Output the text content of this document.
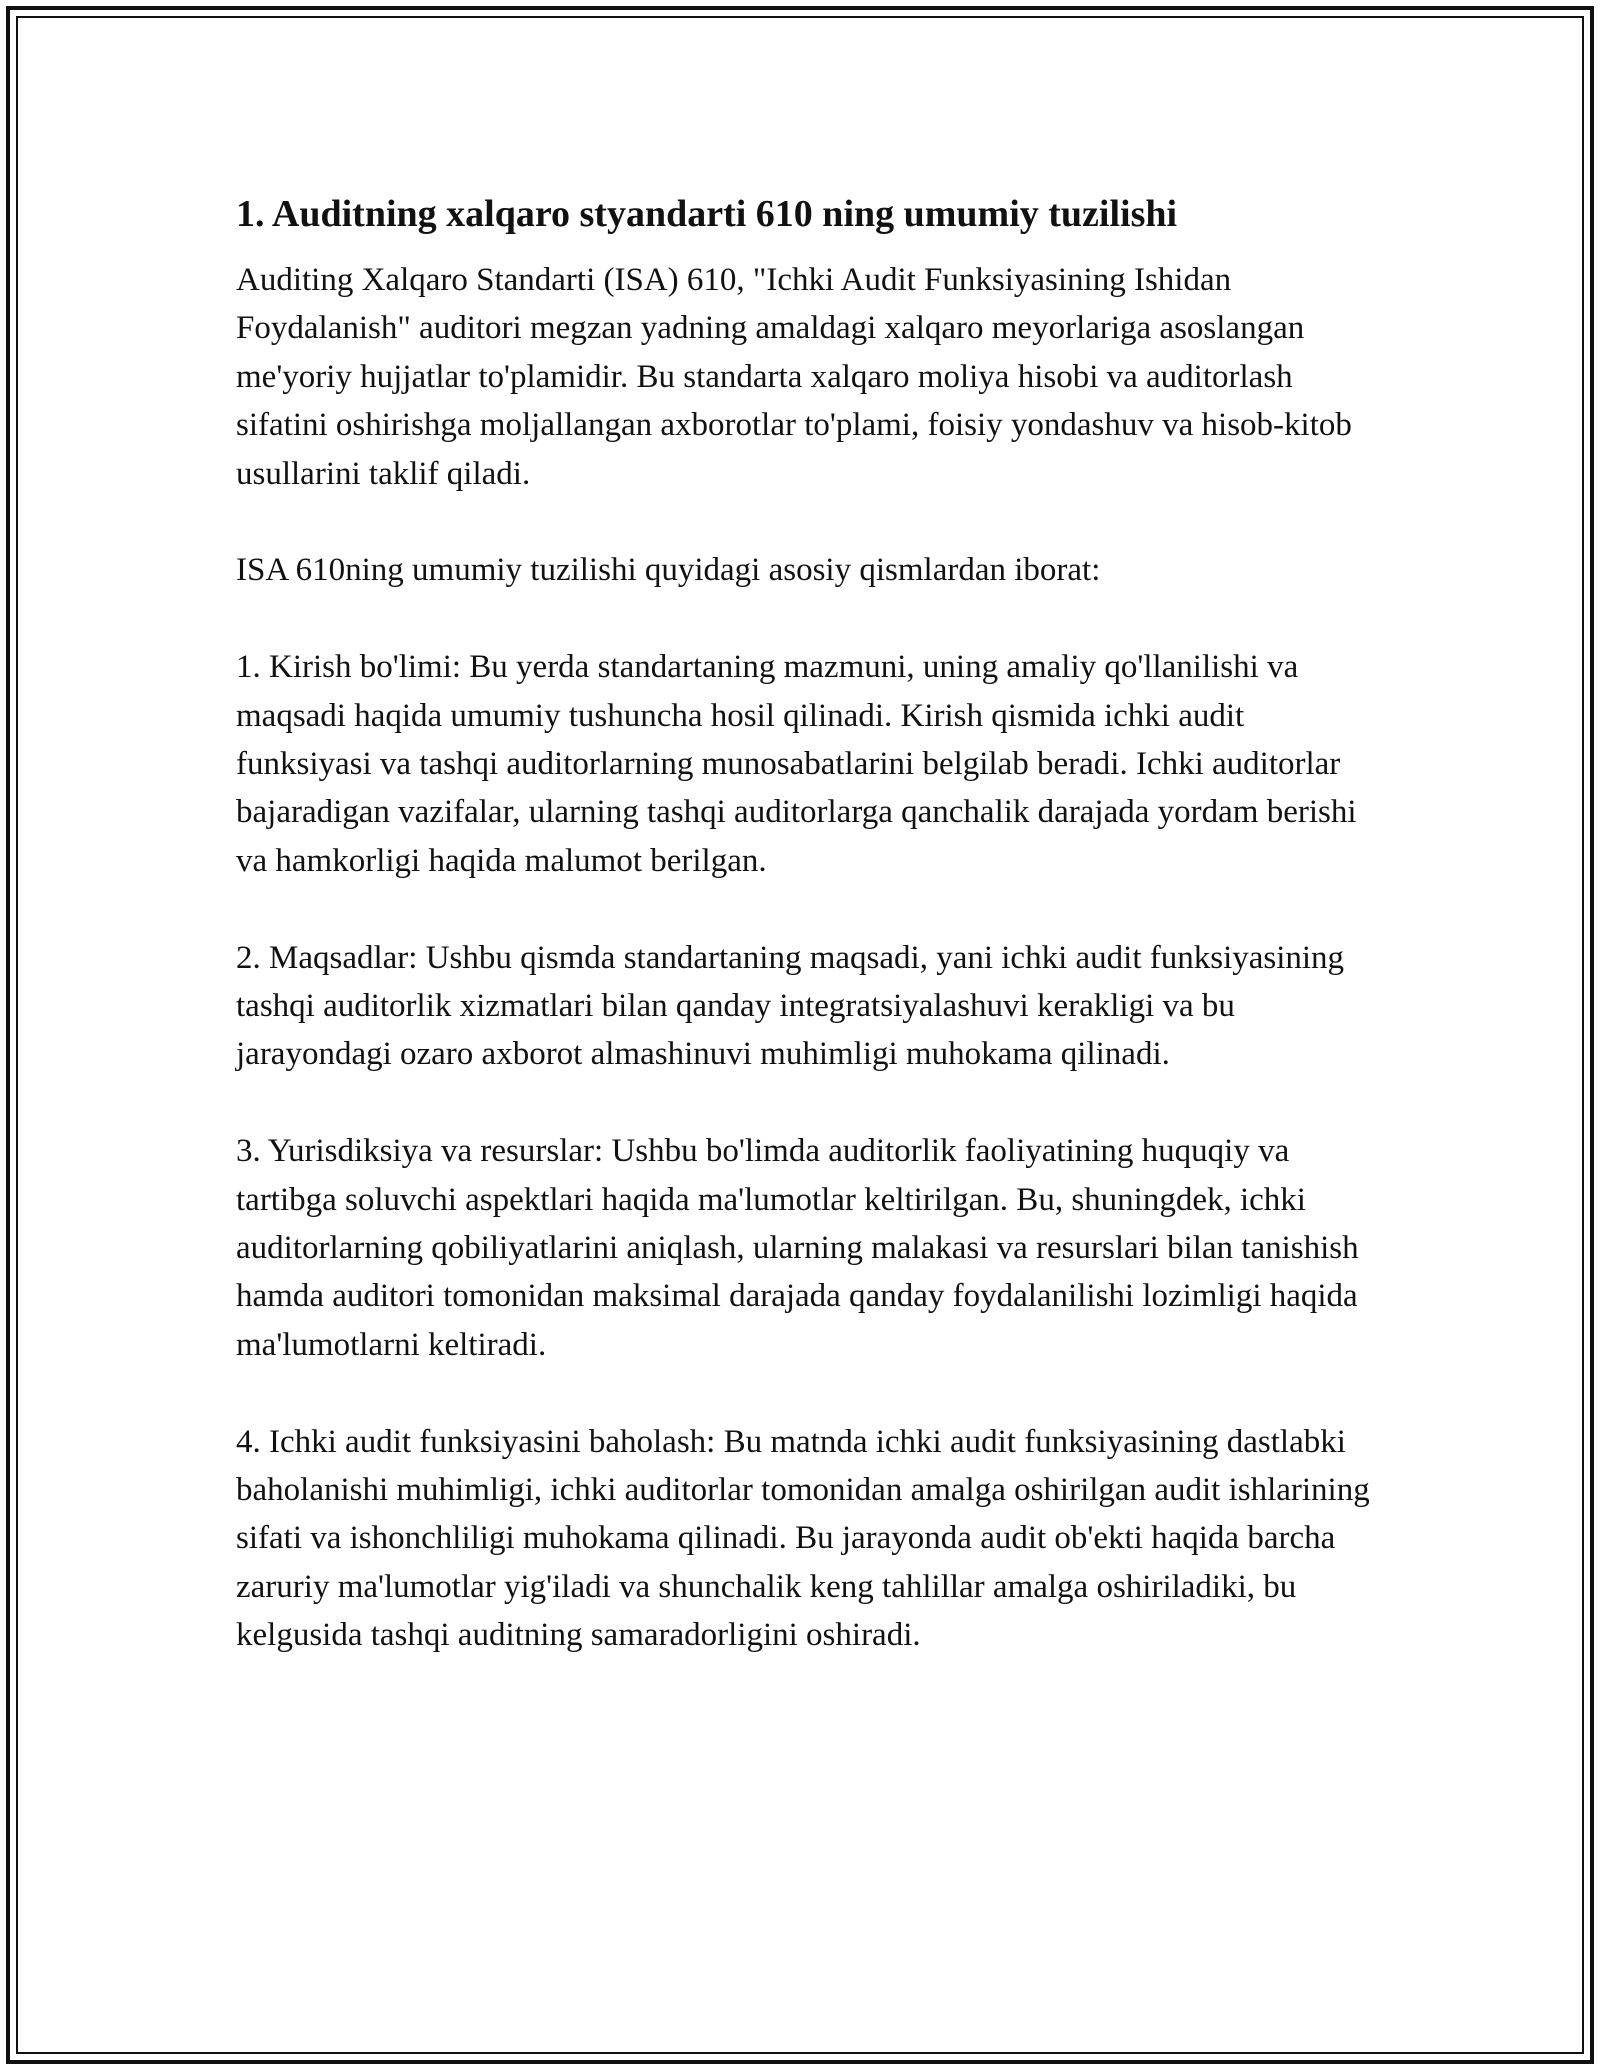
1. Auditning xalqaro styandarti 610 ning umumiy tuzilishi

Auditing Xalqaro Standarti (ISA) 610, "Ichki Audit Funksiyasining Ishidan Foydalanish" auditori megzan yadning amaldagi xalqaro meyorlariga asoslangan me'yoriy hujjatlar to'plamidir. Bu standarta xalqaro moliya hisobi va auditorlash sifatini oshirishga moljallangan axborotlar to'plami, foisiy yondashuv va hisob-kitob usullarini taklif qiladi.

ISA 610ning umumiy tuzilishi quyidagi asosiy qismlardan iborat:

1. Kirish bo'limi: Bu yerda standartaning mazmuni, uning amaliy qo'llanilishi va maqsadi haqida umumiy tushuncha hosil qilinadi. Kirish qismida ichki audit funksiyasi va tashqi auditorlarning munosabatlarini belgilab beradi. Ichki auditorlar bajaradigan vazifalar, ularning tashqi auditorlarga qanchalik darajada yordam berishi va hamkorligi haqida malumot berilgan.

2. Maqsadlar: Ushbu qismda standartaning maqsadi, yani ichki audit funksiyasining tashqi auditorlik xizmatlari bilan qanday integratsiyalashuvi kerakligi va bu jarayondagi ozaro axborot almashinuvi muhimligi muhokama qilinadi.

3. Yurisdiksiya va resurslar: Ushbu bo'limda auditorlik faoliyatining huquqiy va tartibga soluvchi aspektlari haqida ma'lumotlar keltirilgan. Bu, shuningdek, ichki auditorlarning qobiliyatlarini aniqlash, ularning malakasi va resurslari bilan tanishish hamda auditori tomonidan maksimal darajada qanday foydalanilishi lozimligi haqida ma'lumotlarni keltiradi.

4. Ichki audit funksiyasini baholash: Bu matnda ichki audit funksiyasining dastlabki baholanishi muhimligi, ichki auditorlar tomonidan amalga oshirilgan audit ishlarining sifati va ishonchliligi muhokama qilinadi. Bu jarayonda audit ob'ekti haqida barcha zaruriy ma'lumotlar yig'iladi va shunchalik keng tahlillar amalga oshiriladiki, bu kelgusida tashqi auditning samaradorligini oshiradi.
